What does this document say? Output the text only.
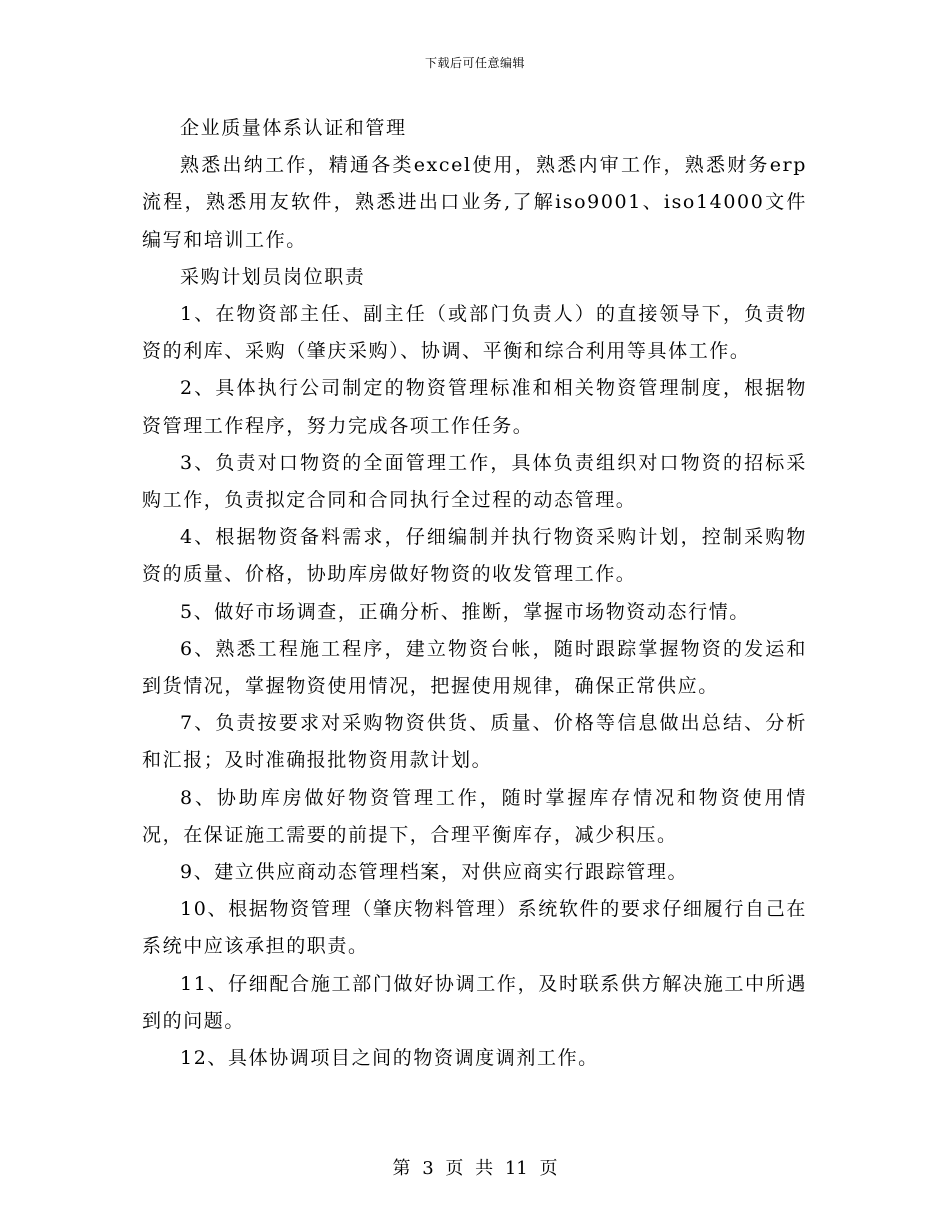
下载后可任意编辑

企业质量体系认证和管理

熟悉出纳工作，精通各类excel使用，熟悉内审工作，熟悉财务erp流程，熟悉用友软件，熟悉进出口业务,了解iso9001、iso14000文件编写和培训工作。

采购计划员岗位职责

1、在物资部主任、副主任（或部门负责人）的直接领导下，负责物资的利库、采购（肇庆采购）、协调、平衡和综合利用等具体工作。

2、具体执行公司制定的物资管理标准和相关物资管理制度，根据物资管理工作程序，努力完成各项工作任务。

3、负责对口物资的全面管理工作，具体负责组织对口物资的招标采购工作，负责拟定合同和合同执行全过程的动态管理。

4、根据物资备料需求，仔细编制并执行物资采购计划，控制采购物资的质量、价格，协助库房做好物资的收发管理工作。

5、做好市场调查，正确分析、推断，掌握市场物资动态行情。

6、熟悉工程施工程序，建立物资台帐，随时跟踪掌握物资的发运和到货情况，掌握物资使用情况，把握使用规律，确保正常供应。

7、负责按要求对采购物资供货、质量、价格等信息做出总结、分析和汇报；及时准确报批物资用款计划。

8、协助库房做好物资管理工作，随时掌握库存情况和物资使用情况，在保证施工需要的前提下，合理平衡库存，减少积压。

9、建立供应商动态管理档案，对供应商实行跟踪管理。

10、根据物资管理（肇庆物料管理）系统软件的要求仔细履行自己在系统中应该承担的职责。

11、仔细配合施工部门做好协调工作，及时联系供方解决施工中所遇到的问题。

12、具体协调项目之间的物资调度调剂工作。

第 3 页 共 11 页
